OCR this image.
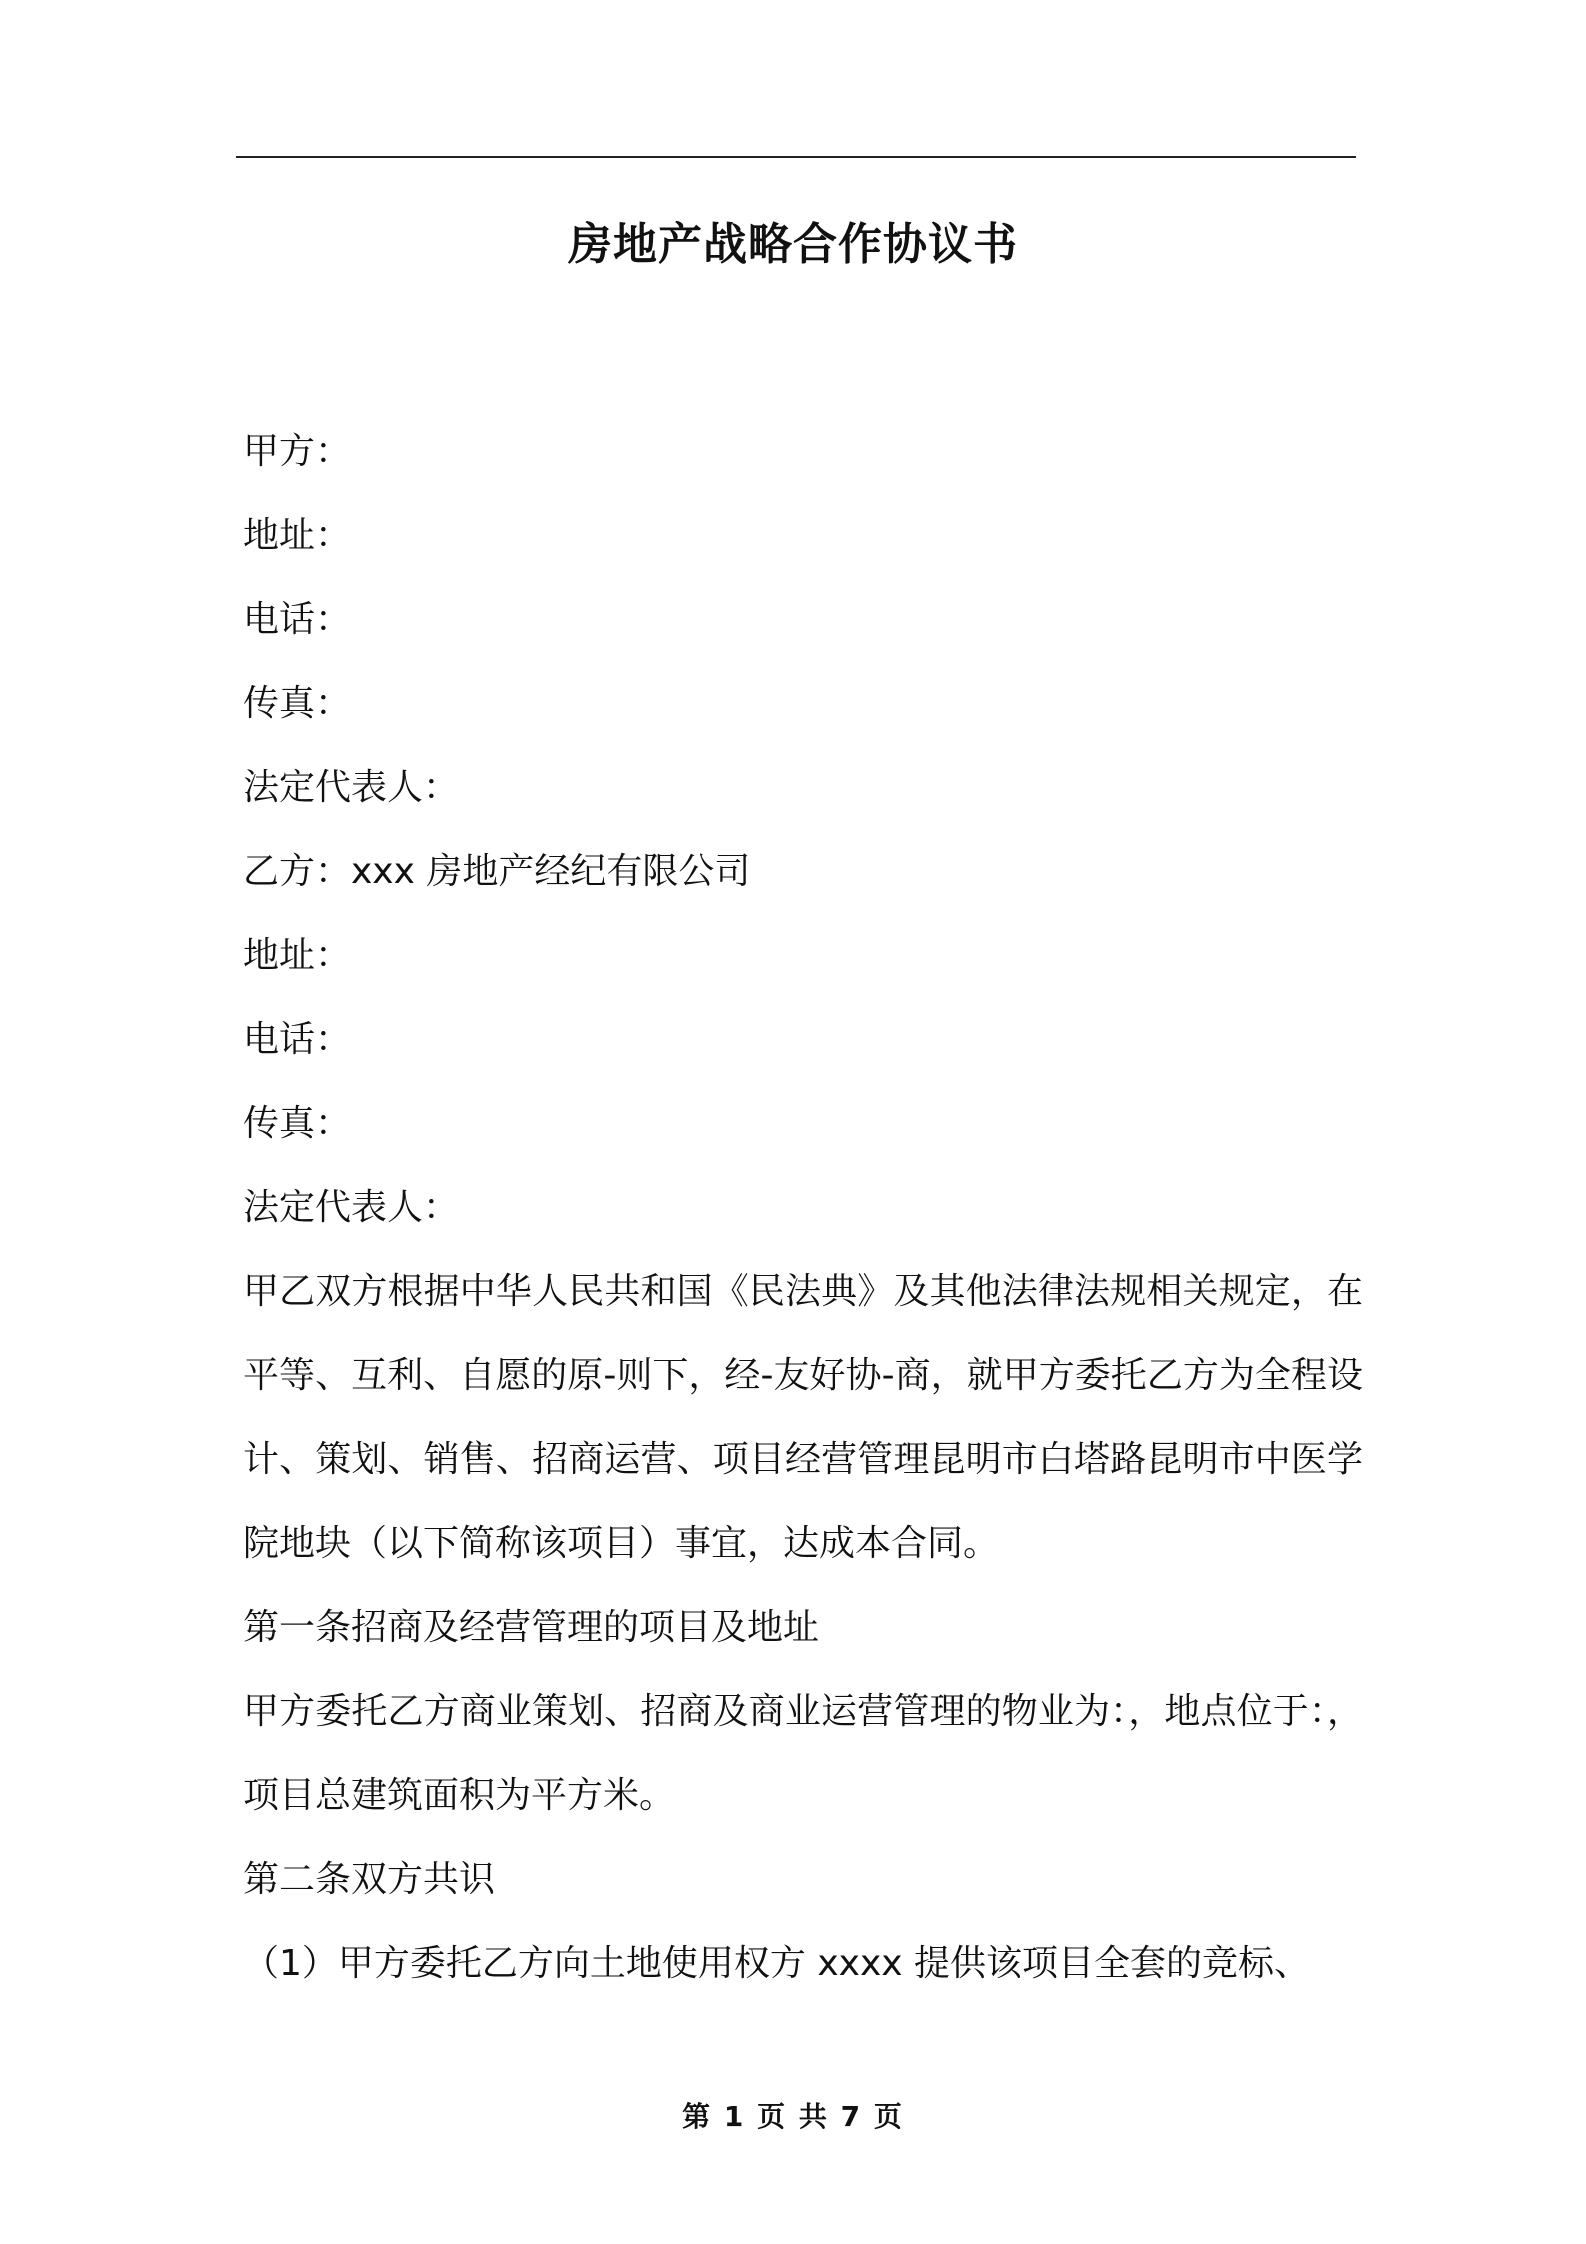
房地产战略合作协议书
甲方：
地址：
电话：
传真：
法定代表人：
乙方：xxx 房地产经纪有限公司
地址：
电话：
传真：
法定代表人：
甲乙双方根据中华人民共和国《民法典》及其他法律法规相关规定，在平等、互利、自愿的原-则下，经-友好协-商，就甲方委托乙方为全程设计、策划、销售、招商运营、项目经营管理昆明市白塔路昆明市中医学院地块（以下简称该项目）事宜，达成本合同。
第一条招商及经营管理的项目及地址
甲方委托乙方商业策划、招商及商业运营管理的物业为：，地点位于：，项目总建筑面积为平方米。
第二条双方共识
（1）甲方委托乙方向土地使用权方 xxxx 提供该项目全套的竞标、
第 1 页 共 7 页
